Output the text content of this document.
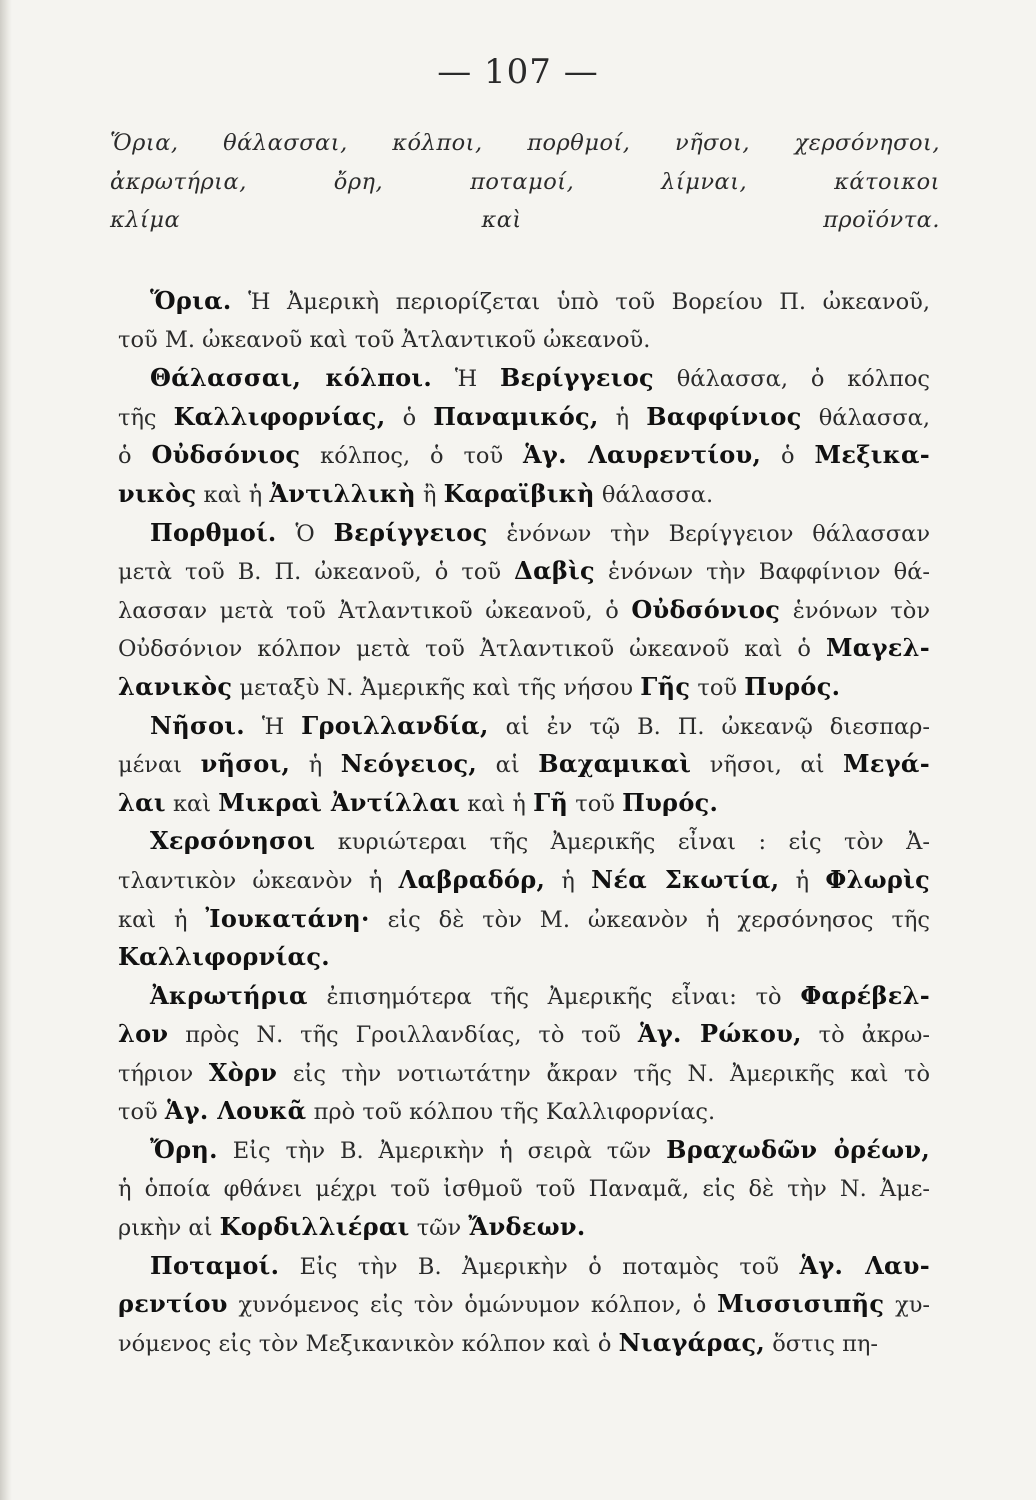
— 107 —
Ὅρια, θάλασσαι, κόλποι, πορθμοί, νῆσοι, χερσόνησοι,
ἀκρωτήρια, ὄρη, ποταμοί, λίμναι, κάτοικοι
κλίμα καὶ προϊόντα.
Ὅρια. Ἡ Ἀμερικὴ περιορίζεται ὑπὸ τοῦ Βορείου Π. ὠκεανοῦ,
τοῦ Μ. ὠκεανοῦ καὶ τοῦ Ἀτλαντικοῦ ὠκεανοῦ.
Θάλασσαι, κόλποι. Ἡ Βερίγγειος θάλασσα, ὁ κόλπος
τῆς Καλλιφορνίας, ὁ Παναμικός, ἡ Βαφφίνιος θάλασσα,
ὁ Οὐδσόνιος κόλπος, ὁ τοῦ Ἁγ. Λαυρεντίου, ὁ Μεξικα-
νικὸς καὶ ἡ Ἀντιλλικὴ ἢ Καραϊβικὴ θάλασσα.
Πορθμοί. Ὁ Βερίγγειος ἑνόνων τὴν Βερίγγειον θάλασσαν
μετὰ τοῦ Β. Π. ὠκεανοῦ, ὁ τοῦ Δαβὶς ἑνόνων τὴν Βαφφίνιον θά-
λασσαν μετὰ τοῦ Ἀτλαντικοῦ ὠκεανοῦ, ὁ Οὐδσόνιος ἑνόνων τὸν
Οὐδσόνιον κόλπον μετὰ τοῦ Ἀτλαντικοῦ ὠκεανοῦ καὶ ὁ Μαγελ-
λανικὸς μεταξὺ Ν. Ἀμερικῆς καὶ τῆς νήσου Γῆς τοῦ Πυρός.
Νῆσοι. Ἡ Γροιλλανδία, αἱ ἐν τῷ Β. Π. ὠκεανῷ διεσπαρ-
μέναι νῆσοι, ἡ Νεόγειος, αἱ Βαχαμικαὶ νῆσοι, αἱ Μεγά-
λαι καὶ Μικραὶ Ἀντίλλαι καὶ ἡ Γῆ τοῦ Πυρός.
Χερσόνησοι κυριώτεραι τῆς Ἀμερικῆς εἶναι : εἰς τὸν Ἀ-
τλαντικὸν ὠκεανὸν ἡ Λαβραδόρ, ἡ Νέα Σκωτία, ἡ Φλωρὶς
καὶ ἡ Ἰουκατάνη· εἰς δὲ τὸν Μ. ὠκεανὸν ἡ χερσόνησος τῆς
Καλλιφορνίας.
Ἀκρωτήρια ἐπισημότερα τῆς Ἀμερικῆς εἶναι: τὸ Φαρέβελ-
λον πρὸς Ν. τῆς Γροιλλανδίας, τὸ τοῦ Ἁγ. Ρώκου, τὸ ἀκρω-
τήριον Χὸρν εἰς τὴν νοτιωτάτην ἄκραν τῆς Ν. Ἀμερικῆς καὶ τὸ
τοῦ Ἁγ. Λουκᾶ πρὸ τοῦ κόλπου τῆς Καλλιφορνίας.
Ὄρη. Εἰς τὴν Β. Ἀμερικὴν ἡ σειρὰ τῶν Βραχωδῶν ὀρέων,
ἡ ὁποία φθάνει μέχρι τοῦ ἰσθμοῦ τοῦ Παναμᾶ, εἰς δὲ τὴν Ν. Ἀμε-
ρικὴν αἱ Κορδιλλιέραι τῶν Ἄνδεων.
Ποταμοί. Εἰς τὴν Β. Ἀμερικὴν ὁ ποταμὸς τοῦ Ἁγ. Λαυ-
ρεντίου χυνόμενος εἰς τὸν ὁμώνυμον κόλπον, ὁ Μισσισιπῆς χυ-
νόμενος εἰς τὸν Μεξικανικὸν κόλπον καὶ ὁ Νιαγάρας, ὅστις πη-
